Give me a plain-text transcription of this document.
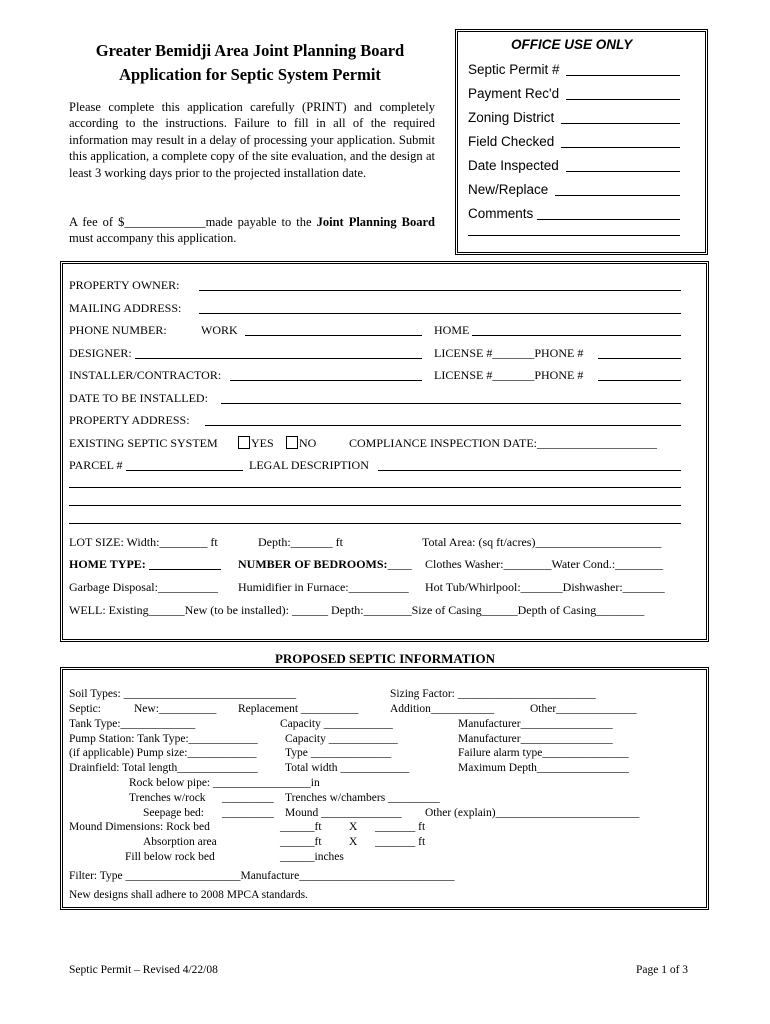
Greater Bemidji Area Joint Planning Board
Application for Septic System Permit
Please complete this application carefully (PRINT) and completely according to the instructions. Failure to fill in all of the required information may result in a delay of processing your application. Submit this application, a complete copy of the site evaluation, and the design at least 3 working days prior to the projected installation date.
A fee of $_____________made payable to the Joint Planning Board must accompany this application.
OFFICE USE ONLY
Septic Permit #
Payment Rec'd
Zoning District
Field Checked
Date Inspected
New/Replace
Comments
PROPERTY OWNER:
MAILING ADDRESS:
PHONE NUMBER:	WORK	HOME
DESIGNER:	LICENSE #_______PHONE #
INSTALLER/CONTRACTOR:	LICENSE #_______PHONE #
DATE TO BE INSTALLED:
PROPERTY ADDRESS:
EXISTING SEPTIC SYSTEM	YES NO	COMPLIANCE INSPECTION DATE:____________________
PARCEL #	LEGAL DESCRIPTION
LOT SIZE: Width:________ ft	Depth:_______ ft	Total Area: (sq ft/acres)_____________________
HOME TYPE:	NUMBER OF BEDROOMS:____ Clothes Washer:________Water Cond.:________
Garbage Disposal:__________ Humidifier in Furnace:__________ Hot Tub/Whirlpool:_______Dishwasher:_______
WELL: Existing______New (to be installed): ______ Depth:________Size of Casing______Depth of Casing________
PROPOSED SEPTIC INFORMATION
Soil Types: ______________________________	Sizing Factor: ________________________
Septic:	New:__________ Replacement __________	Addition___________	Other______________
Tank Type:_____________	Capacity ____________	Manufacturer________________
Pump Station: Tank Type:____________ Capacity ____________	Manufacturer________________
(if applicable) Pump size:____________ Type ______________	Failure alarm type_______________
Drainfield: Total length______________ Total width ____________	Maximum Depth________________
Rock below pipe: _________________in
Trenches w/rock _________ Trenches w/chambers _________
Seepage bed: _________ Mound ______________ Other (explain)_________________________
Mound Dimensions: Rock bed	______ft X _______ ft
Absorption area	______ft X _______ ft
Fill below rock bed	______inches
Filter: Type ____________________Manufacture___________________________
New designs shall adhere to 2008 MPCA standards.
Septic Permit – Revised 4/22/08	Page 1 of 3
